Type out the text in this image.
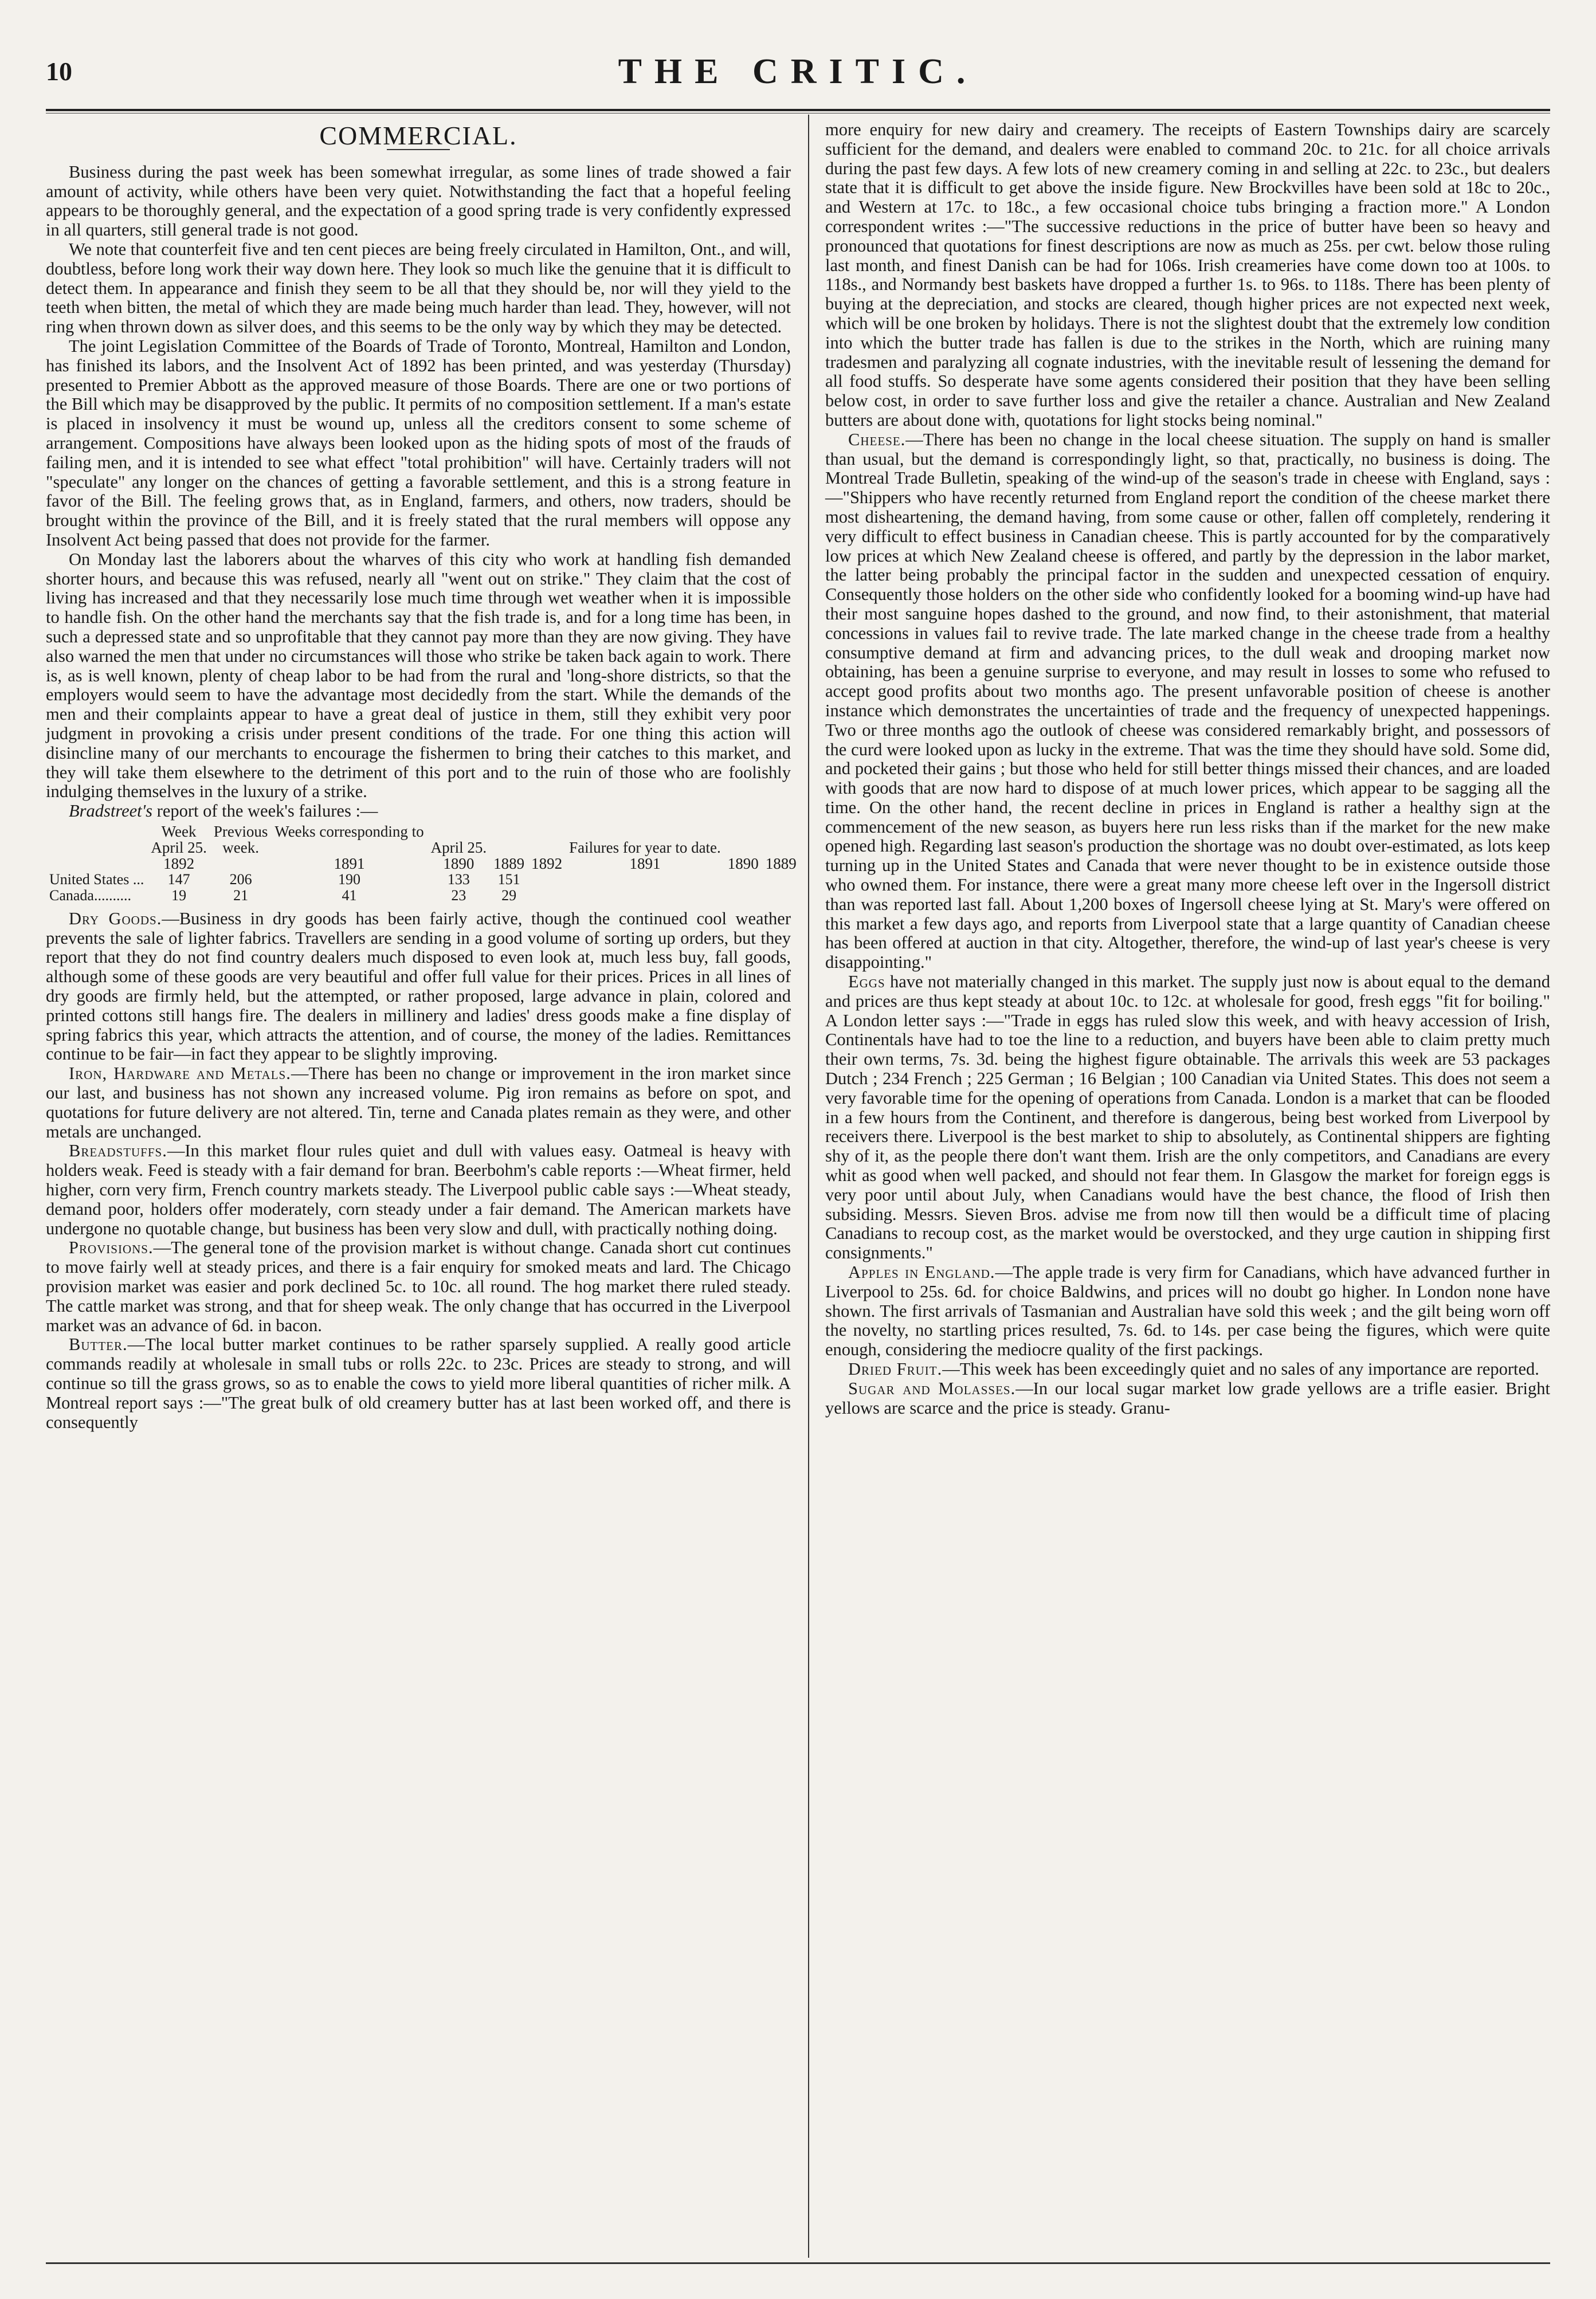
10	THE CRITIC.
COMMERCIAL.

Business during the past week has been somewhat irregular, as some lines of trade showed a fair amount of activity, while others have been very quiet. Notwithstanding the fact that a hopeful feeling appears to be thoroughly general, and the expectation of a good spring trade is very confidently expressed in all quarters, still general trade is not good.

We note that counterfeit five and ten cent pieces are being freely circulated in Hamilton, Ont., and will, doubtless, before long work their way down here. They look so much like the genuine that it is difficult to detect them. In appearance and finish they seem to be all that they should be, nor will they yield to the teeth when bitten, the metal of which they are made being much harder than lead. They, however, will not ring when thrown down as silver does, and this seems to be the only way by which they may be detected.

The joint Legislation Committee of the Boards of Trade of Toronto, Montreal, Hamilton and London, has finished its labors, and the Insolvent Act of 1892 has been printed, and was yesterday (Thursday) presented to Premier Abbott as the approved measure of those Boards. There are one or two portions of the Bill which may be disapproved by the public. It permits of no composition settlement. If a man's estate is placed in insolvency it must be wound up, unless all the creditors consent to some scheme of arrangement. Compositions have always been looked upon as the hiding spots of most of the frauds of failing men, and it is intended to see what effect "total prohibition" will have. Certainly traders will not "speculate" any longer on the chances of getting a favorable settlement, and this is a strong feature in favor of the Bill. The feeling grows that, as in England, farmers, and others, now traders, should be brought within the province of the Bill, and it is freely stated that the rural members will oppose any Insolvent Act being passed that does not provide for the farmer.

On Monday last the laborers about the wharves of this city who work at handling fish demanded shorter hours, and because this was refused, nearly all "went out on strike." They claim that the cost of living has increased and that they necessarily lose much time through wet weather when it is impossible to handle fish. On the other hand the merchants say that the fish trade is, and for a long time has been, in such a depressed state and so unprofitable that they cannot pay more than they are now giving. They have also warned the men that under no circumstances will those who strike be taken back again to work. There is, as is well known, plenty of cheap labor to be had from the rural and 'long-shore districts, so that the employers would seem to have the advantage most decidedly from the start. While the demands of the men and their complaints appear to have a great deal of justice in them, still they exhibit very poor judgment in provoking a crisis under present conditions of the trade. For one thing this action will disincline many of our merchants to encourage the fishermen to bring their catches to this market, and they will take them elsewhere to the detriment of this port and to the ruin of those who are foolishly indulging themselves in the luxury of a strike.

Bradstreet's report of the week's failures :—

	Week	Previous	Weeks corresponding to						
	April 25.	week.		April 25.			Failures for year to date.		
	1892		1891	1890	1889	1892	1891	1890	1889
United States ...	147	206	190	133	151				
Canada..........	19	21	41	23	29				

Dry Goods.—Business in dry goods has been fairly active, though the continued cool weather prevents the sale of lighter fabrics. Travellers are sending in a good volume of sorting up orders, but they report that they do not find country dealers much disposed to even look at, much less buy, fall goods, although some of these goods are very beautiful and offer full value for their prices. Prices in all lines of dry goods are firmly held, but the attempted, or rather proposed, large advance in plain, colored and printed cottons still hangs fire. The dealers in millinery and ladies' dress goods make a fine display of spring fabrics this year, which attracts the attention, and of course, the money of the ladies. Remittances continue to be fair—in fact they appear to be slightly improving.

Iron, Hardware and Metals.—There has been no change or improvement in the iron market since our last, and business has not shown any increased volume. Pig iron remains as before on spot, and quotations for future delivery are not altered. Tin, terne and Canada plates remain as they were, and other metals are unchanged.

Breadstuffs.—In this market flour rules quiet and dull with values easy. Oatmeal is heavy with holders weak. Feed is steady with a fair demand for bran. Beerbohm's cable reports :—Wheat firmer, held higher, corn very firm, French country markets steady. The Liverpool public cable says :—Wheat steady, demand poor, holders offer moderately, corn steady under a fair demand. The American markets have undergone no quotable change, but business has been very slow and dull, with practically nothing doing.

Provisions.—The general tone of the provision market is without change. Canada short cut continues to move fairly well at steady prices, and there is a fair enquiry for smoked meats and lard. The Chicago provision market was easier and pork declined 5c. to 10c. all round. The hog market there ruled steady. The cattle market was strong, and that for sheep weak. The only change that has occurred in the Liverpool market was an advance of 6d. in bacon.

Butter.—The local butter market continues to be rather sparsely supplied. A really good article commands readily at wholesale in small tubs or rolls 22c. to 23c. Prices are steady to strong, and will continue so till the grass grows, so as to enable the cows to yield more liberal quantities of richer milk. A Montreal report says :—"The great bulk of old creamery butter has at last been worked off, and there is consequently

more enquiry for new dairy and creamery. The receipts of Eastern Townships dairy are scarcely sufficient for the demand, and dealers were enabled to command 20c. to 21c. for all choice arrivals during the past few days. A few lots of new creamery coming in and selling at 22c. to 23c., but dealers state that it is difficult to get above the inside figure. New Brockvilles have been sold at 18c to 20c., and Western at 17c. to 18c., a few occasional choice tubs bringing a fraction more." A London correspondent writes :—"The successive reductions in the price of butter have been so heavy and pronounced that quotations for finest descriptions are now as much as 25s. per cwt. below those ruling last month, and finest Danish can be had for 106s. Irish creameries have come down too at 100s. to 118s., and Normandy best baskets have dropped a further 1s. to 96s. to 118s. There has been plenty of buying at the depreciation, and stocks are cleared, though higher prices are not expected next week, which will be one broken by holidays. There is not the slightest doubt that the extremely low condition into which the butter trade has fallen is due to the strikes in the North, which are ruining many tradesmen and paralyzing all cognate industries, with the inevitable result of lessening the demand for all food stuffs. So desperate have some agents considered their position that they have been selling below cost, in order to save further loss and give the retailer a chance. Australian and New Zealand butters are about done with, quotations for light stocks being nominal."

Cheese.—There has been no change in the local cheese situation. The supply on hand is smaller than usual, but the demand is correspondingly light, so that, practically, no business is doing. The Montreal Trade Bulletin, speaking of the wind-up of the season's trade in cheese with England, says :—"Shippers who have recently returned from England report the condition of the cheese market there most disheartening, the demand having, from some cause or other, fallen off completely, rendering it very difficult to effect business in Canadian cheese. This is partly accounted for by the comparatively low prices at which New Zealand cheese is offered, and partly by the depression in the labor market, the latter being probably the principal factor in the sudden and unexpected cessation of enquiry. Consequently those holders on the other side who confidently looked for a booming wind-up have had their most sanguine hopes dashed to the ground, and now find, to their astonishment, that material concessions in values fail to revive trade. The late marked change in the cheese trade from a healthy consumptive demand at firm and advancing prices, to the dull weak and drooping market now obtaining, has been a genuine surprise to everyone, and may result in losses to some who refused to accept good profits about two months ago. The present unfavorable position of cheese is another instance which demonstrates the uncertainties of trade and the frequency of unexpected happenings. Two or three months ago the outlook of cheese was considered remarkably bright, and possessors of the curd were looked upon as lucky in the extreme. That was the time they should have sold. Some did, and pocketed their gains ; but those who held for still better things missed their chances, and are loaded with goods that are now hard to dispose of at much lower prices, which appear to be sagging all the time. On the other hand, the recent decline in prices in England is rather a healthy sign at the commencement of the new season, as buyers here run less risks than if the market for the new make opened high. Regarding last season's production the shortage was no doubt over-estimated, as lots keep turning up in the United States and Canada that were never thought to be in existence outside those who owned them. For instance, there were a great many more cheese left over in the Ingersoll district than was reported last fall. About 1,200 boxes of Ingersoll cheese lying at St. Mary's were offered on this market a few days ago, and reports from Liverpool state that a large quantity of Canadian cheese has been offered at auction in that city. Altogether, therefore, the wind-up of last year's cheese is very disappointing."

Eggs have not materially changed in this market. The supply just now is about equal to the demand and prices are thus kept steady at about 10c. to 12c. at wholesale for good, fresh eggs "fit for boiling." A London letter says :—"Trade in eggs has ruled slow this week, and with heavy accession of Irish, Continentals have had to toe the line to a reduction, and buyers have been able to claim pretty much their own terms, 7s. 3d. being the highest figure obtainable. The arrivals this week are 53 packages Dutch ; 234 French ; 225 German ; 16 Belgian ; 100 Canadian via United States. This does not seem a very favorable time for the opening of operations from Canada. London is a market that can be flooded in a few hours from the Continent, and therefore is dangerous, being best worked from Liverpool by receivers there. Liverpool is the best market to ship to absolutely, as Continental shippers are fighting shy of it, as the people there don't want them. Irish are the only competitors, and Canadians are every whit as good when well packed, and should not fear them. In Glasgow the market for foreign eggs is very poor until about July, when Canadians would have the best chance, the flood of Irish then subsiding. Messrs. Sieven Bros. advise me from now till then would be a difficult time of placing Canadians to recoup cost, as the market would be overstocked, and they urge caution in shipping first consignments."

Apples in England.—The apple trade is very firm for Canadians, which have advanced further in Liverpool to 25s. 6d. for choice Baldwins, and prices will no doubt go higher. In London none have shown. The first arrivals of Tasmanian and Australian have sold this week ; and the gilt being worn off the novelty, no startling prices resulted, 7s. 6d. to 14s. per case being the figures, which were quite enough, considering the mediocre quality of the first packings.

Dried Fruit.—This week has been exceedingly quiet and no sales of any importance are reported.

Sugar and Molasses.—In our local sugar market low grade yellows are a trifle easier. Bright yellows are scarce and the price is steady. Granu-
